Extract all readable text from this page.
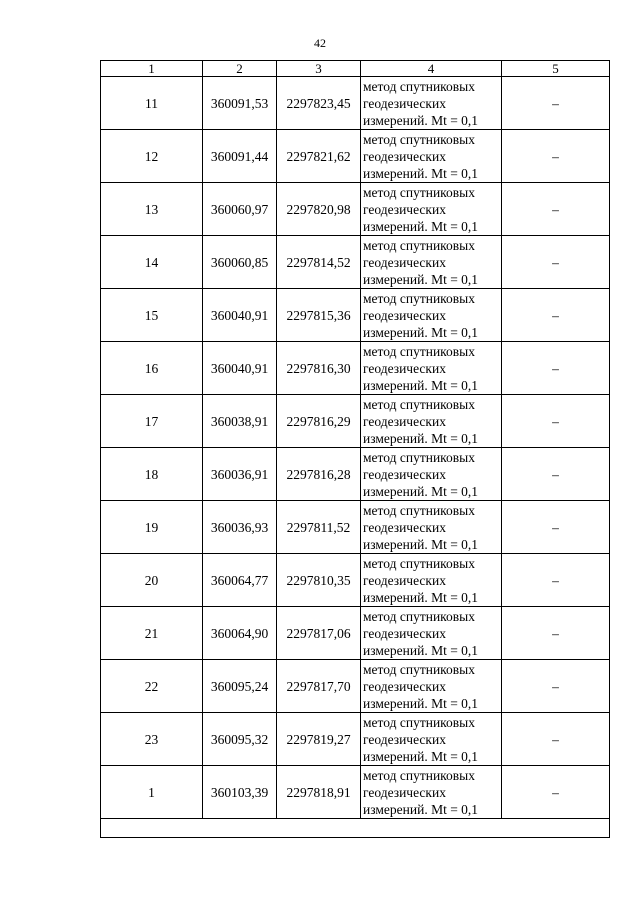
42
1	2	3	4	5
11	360091,53	2297823,45	метод спутниковых
геодезических
измерений. Mt = 0,1	–
12	360091,44	2297821,62	метод спутниковых
геодезических
измерений. Mt = 0,1	–
13	360060,97	2297820,98	метод спутниковых
геодезических
измерений. Mt = 0,1	–
14	360060,85	2297814,52	метод спутниковых
геодезических
измерений. Mt = 0,1	–
15	360040,91	2297815,36	метод спутниковых
геодезических
измерений. Mt = 0,1	–
16	360040,91	2297816,30	метод спутниковых
геодезических
измерений. Mt = 0,1	–
17	360038,91	2297816,29	метод спутниковых
геодезических
измерений. Mt = 0,1	–
18	360036,91	2297816,28	метод спутниковых
геодезических
измерений. Mt = 0,1	–
19	360036,93	2297811,52	метод спутниковых
геодезических
измерений. Mt = 0,1	–
20	360064,77	2297810,35	метод спутниковых
геодезических
измерений. Mt = 0,1	–
21	360064,90	2297817,06	метод спутниковых
геодезических
измерений. Mt = 0,1	–
22	360095,24	2297817,70	метод спутниковых
геодезических
измерений. Mt = 0,1	–
23	360095,32	2297819,27	метод спутниковых
геодезических
измерений. Mt = 0,1	–
1	360103,39	2297818,91	метод спутниковых
геодезических
измерений. Mt = 0,1	–
